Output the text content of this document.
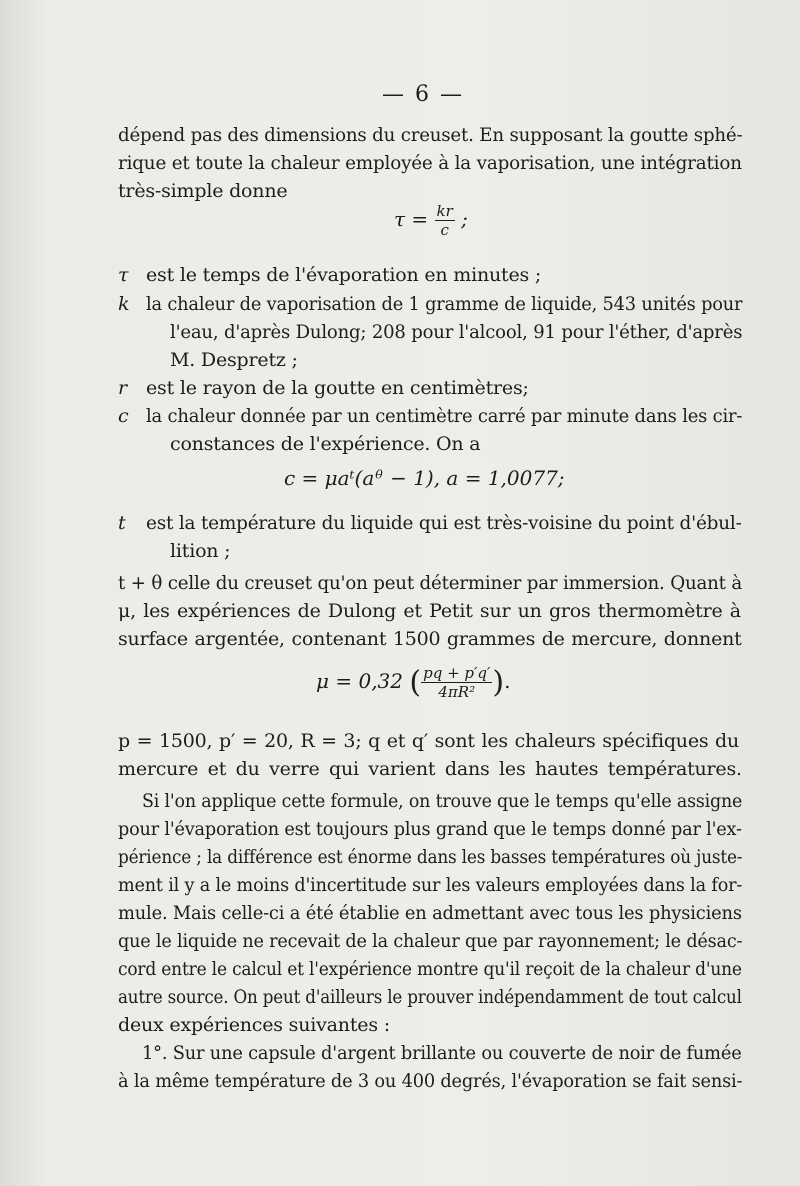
— 6 —
dépend pas des dimensions du creuset. En supposant la goutte sphé-
rique et toute la chaleur employée à la vaporisation, une intégration
très-simple donne
$\tau = \frac{kr}{c}$ ;
τ est le temps de l'évaporation en minutes ;
k la chaleur de vaporisation de 1 gramme de liquide, 543 unités pour
l'eau, d'après Dulong; 208 pour l'alcool, 91 pour l'éther, d'après
M. Despretz ;
r est le rayon de la goutte en centimètres;
c la chaleur donnée par un centimètre carré par minute dans les cir-
constances de l'expérience. On a
c = μaᵗ(aᶿ − 1), a = 1,0077;
t est la température du liquide qui est très-voisine du point d'ébul-
lition ;
t + θ celle du creuset qu'on peut déterminer par immersion. Quant à
μ, les expériences de Dulong et Petit sur un gros thermomètre à
surface argentée, contenant 1500 grammes de mercure, donnent
μ = 0,32 ( $\frac{pq + p'q'}{\text{4πR²}}$ ).
p = 1500, p′ = 20, R = 3; q et q′ sont les chaleurs spécifiques du
mercure et du verre qui varient dans les hautes températures.
Si l'on applique cette formule, on trouve que le temps qu'elle assigne
pour l'évaporation est toujours plus grand que le temps donné par l'ex-
périence ; la différence est énorme dans les basses températures où juste-
ment il y a le moins d'incertitude sur les valeurs employées dans la for-
mule. Mais celle-ci a été établie en admettant avec tous les physiciens
que le liquide ne recevait de la chaleur que par rayonnement; le désac-
cord entre le calcul et l'expérience montre qu'il reçoit de la chaleur d'une
autre source. On peut d'ailleurs le prouver indépendamment de tout calcul
deux expériences suivantes :
1°. Sur une capsule d'argent brillante ou couverte de noir de fumée
à la même température de 3 ou 400 degrés, l'évaporation se fait sensi-
